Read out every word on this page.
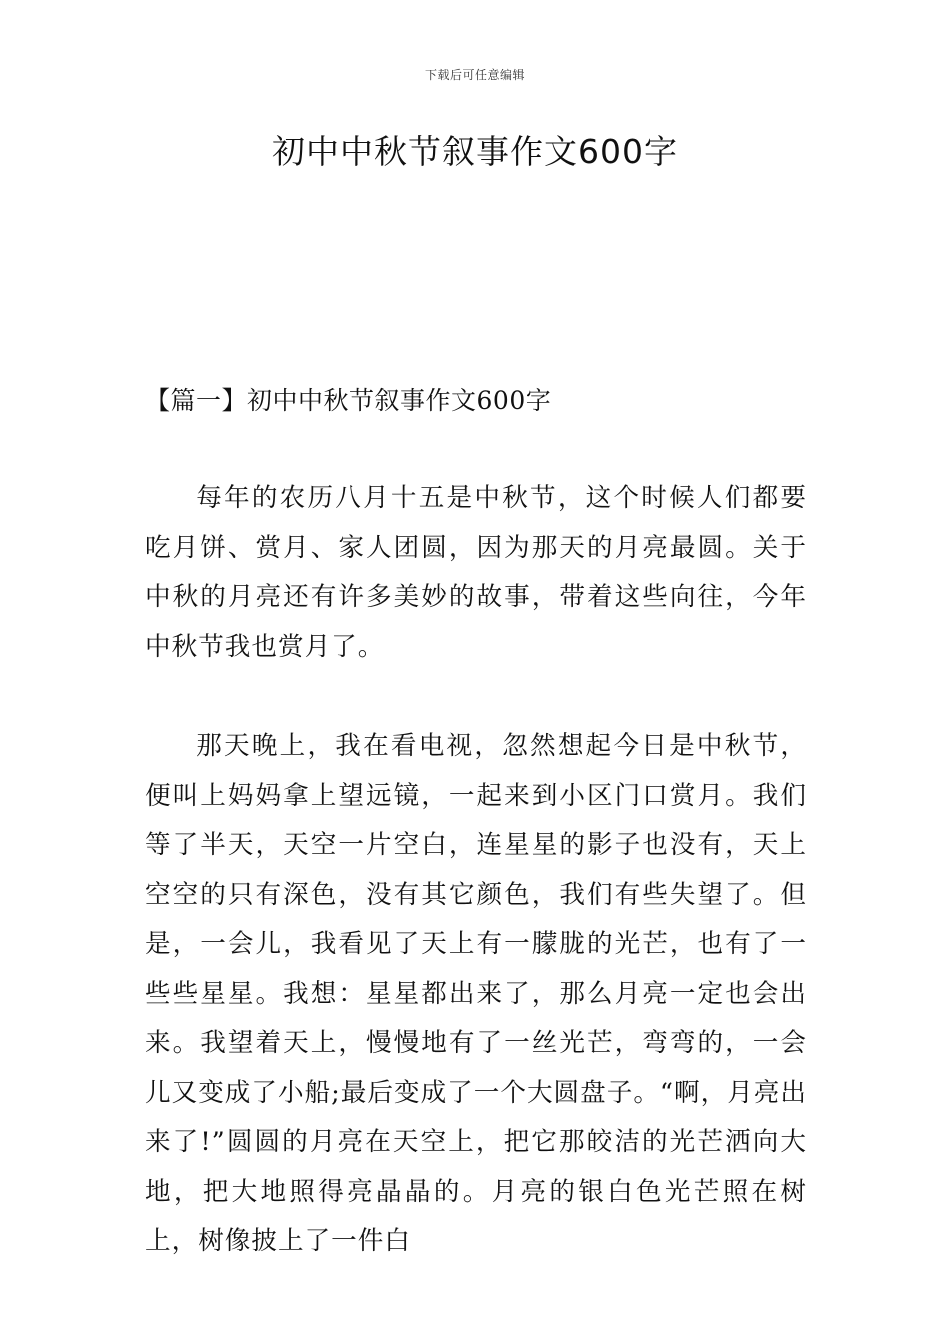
下载后可任意编辑
初中中秋节叙事作文600字
【篇一】初中中秋节叙事作文600字

每年的农历八月十五是中秋节，这个时候人们都要吃月饼、赏月、家人团圆，因为那天的月亮最圆。关于中秋的月亮还有许多美妙的故事，带着这些向往，今年中秋节我也赏月了。

那天晚上，我在看电视，忽然想起今日是中秋节，便叫上妈妈拿上望远镜，一起来到小区门口赏月。我们等了半天，天空一片空白，连星星的影子也没有，天上空空的只有深色，没有其它颜色，我们有些失望了。但是，一会儿，我看见了天上有一朦胧的光芒，也有了一些些星星。我想：星星都出来了，那么月亮一定也会出来。我望着天上，慢慢地有了一丝光芒，弯弯的，一会儿又变成了小船;最后变成了一个大圆盘子。“啊，月亮出来了!”圆圆的月亮在天空上，把它那皎洁的光芒洒向大地，把大地照得亮晶晶的。月亮的银白色光芒照在树上，树像披上了一件白
